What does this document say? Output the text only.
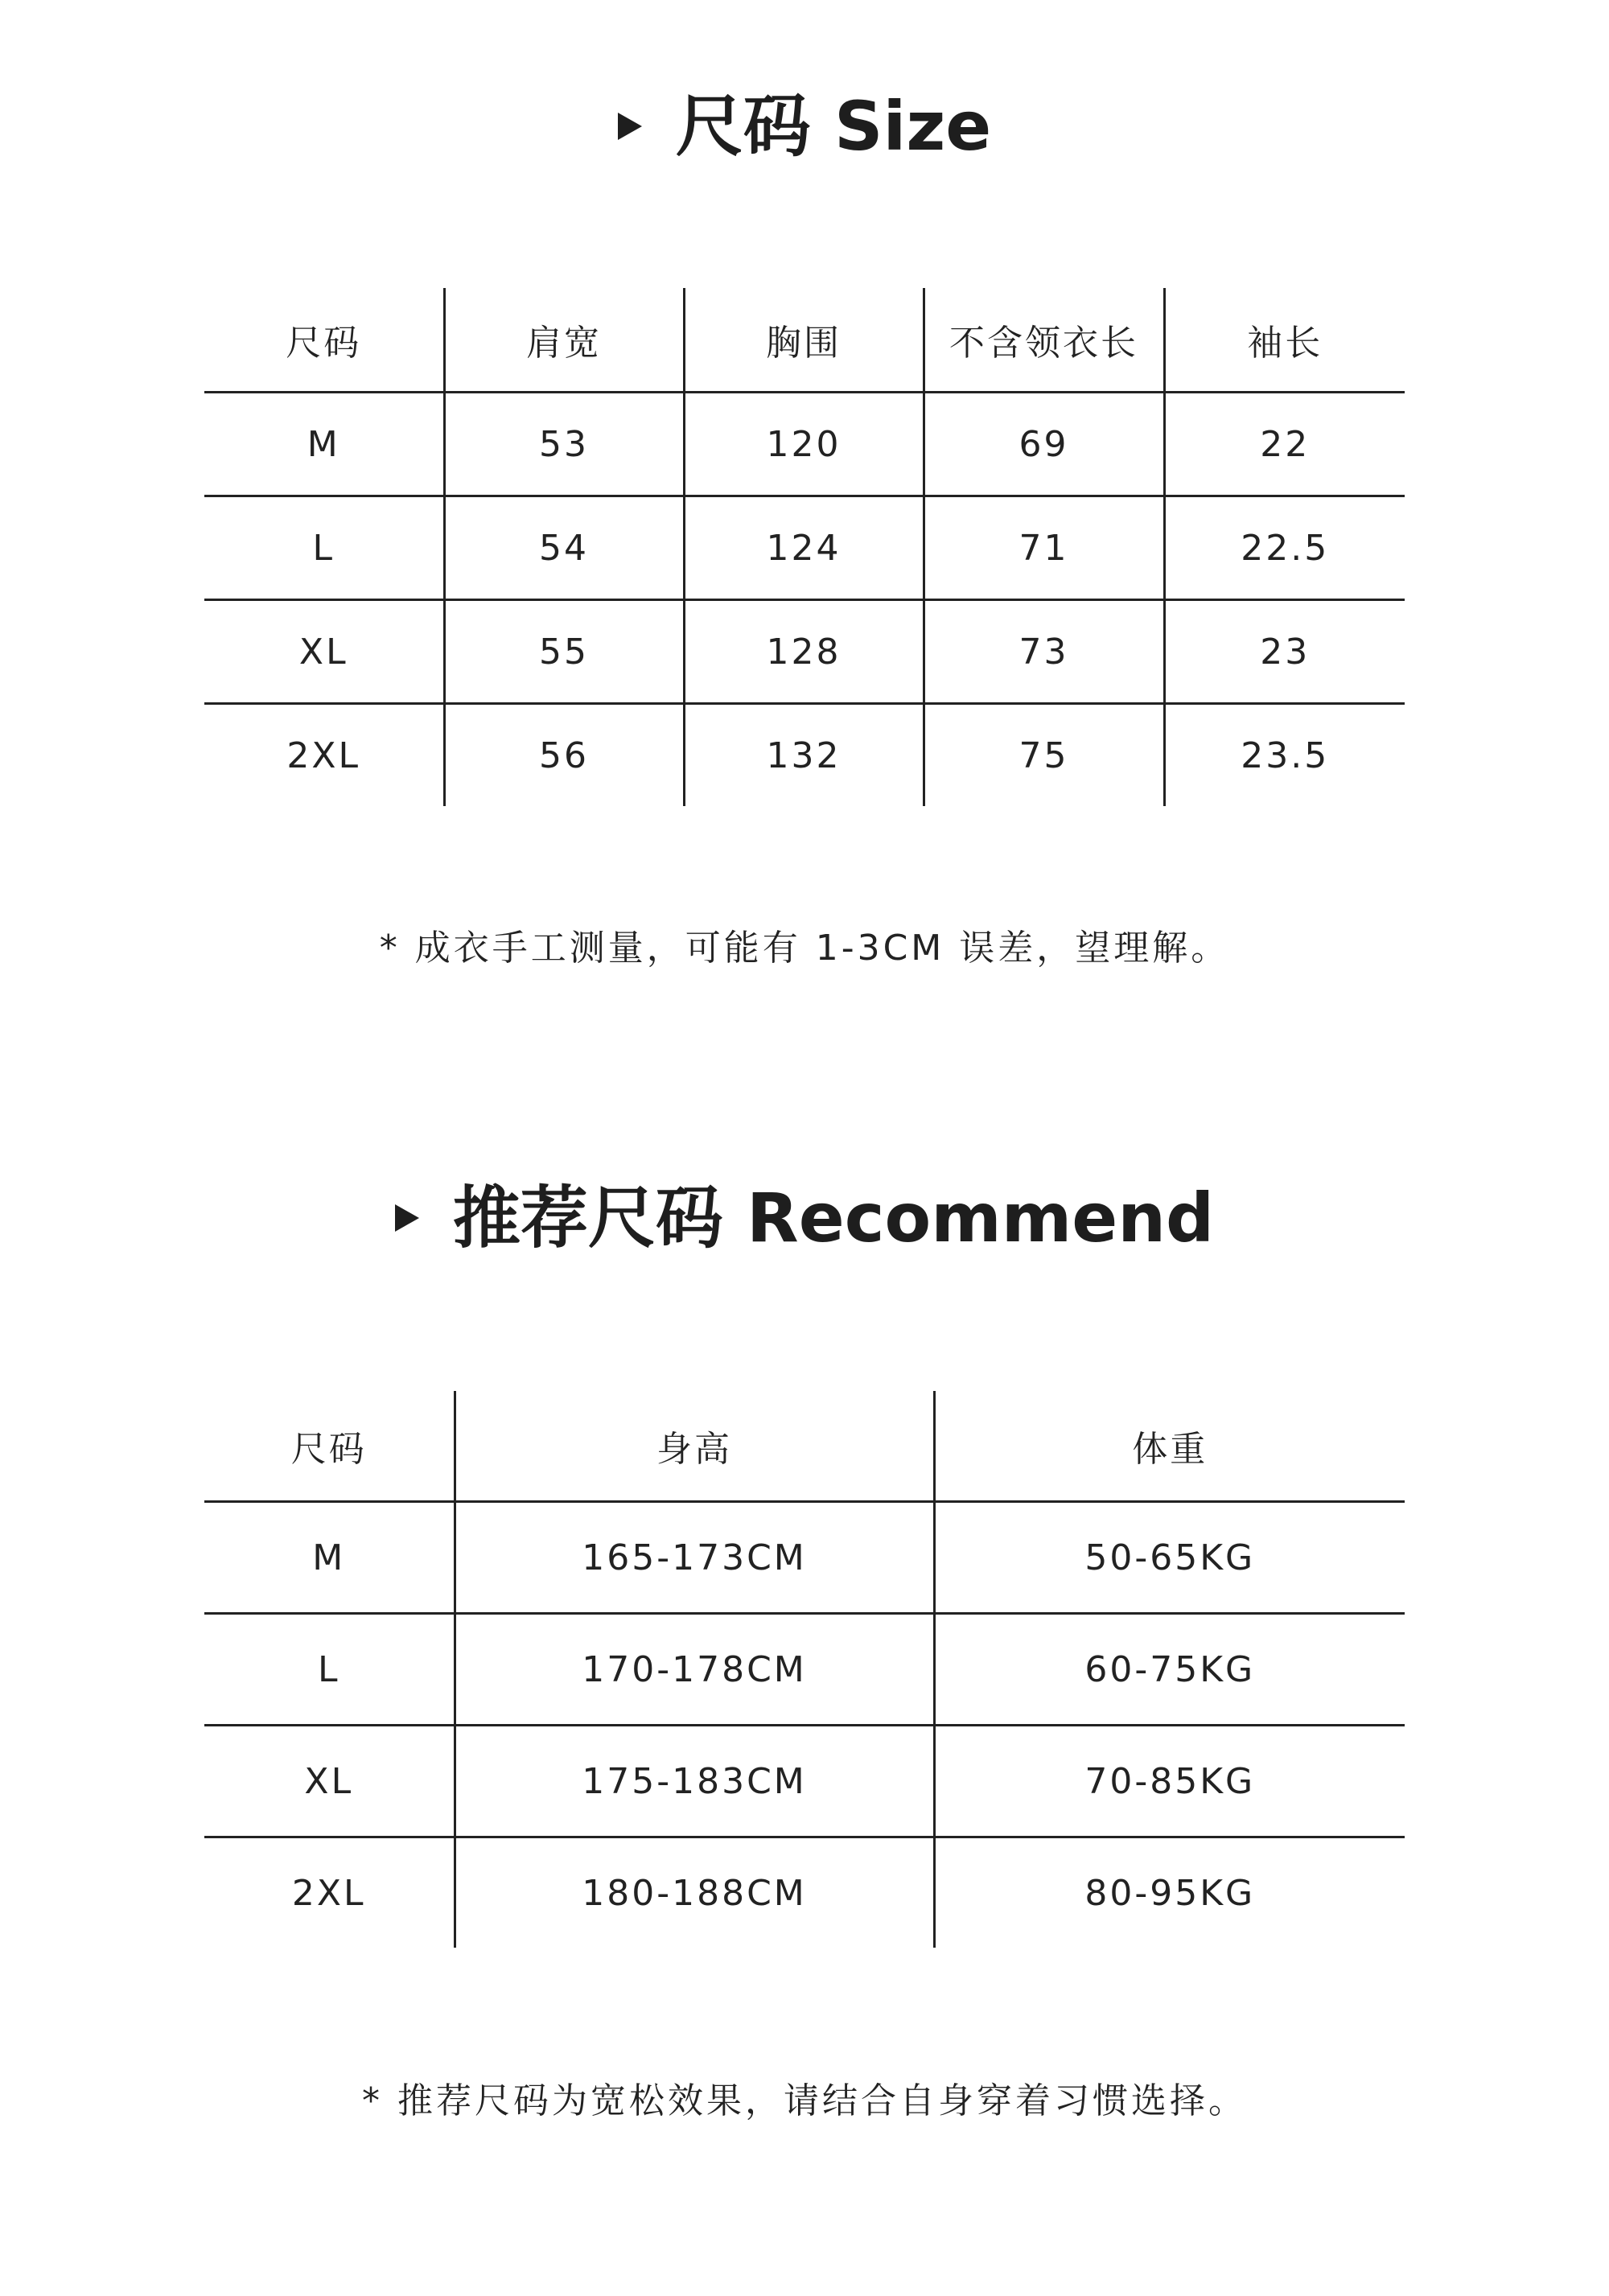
尺码 Size
尺码	肩宽	胸围	不含领衣长	袖长
M	53	120	69	22
L	54	124	71	22.5
XL	55	128	73	23
2XL	56	132	75	23.5
* 成衣手工测量，可能有 1-3CM 误差，望理解。
推荐尺码 Recommend
尺码	身高	体重
M	165-173CM	50-65KG
L	170-178CM	60-75KG
XL	175-183CM	70-85KG
2XL	180-188CM	80-95KG
* 推荐尺码为宽松效果，请结合自身穿着习惯选择。
